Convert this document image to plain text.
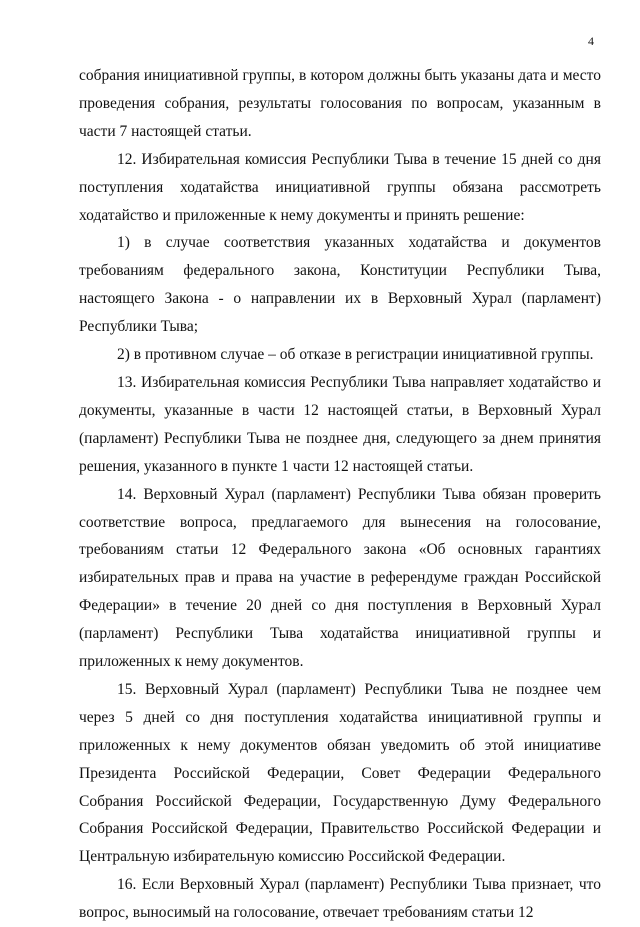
4

собрания инициативной группы, в котором должны быть указаны дата и место проведения собрания, результаты голосования по вопросам, указанным в части 7 настоящей статьи.

12. Избирательная комиссия Республики Тыва в течение 15 дней со дня поступления ходатайства инициативной группы обязана рассмотреть ходатайство и приложенные к нему документы и принять решение:

1) в случае соответствия указанных ходатайства и документов требованиям федерального закона, Конституции Республики Тыва, настоящего Закона - о направлении их в Верховный Хурал (парламент) Республики Тыва;

2) в противном случае – об отказе в регистрации инициативной группы.

13. Избирательная комиссия Республики Тыва направляет ходатайство и документы, указанные в части 12 настоящей статьи, в Верховный Хурал (парламент) Республики Тыва не позднее дня, следующего за днем принятия решения, указанного в пункте 1 части 12 настоящей статьи.

14. Верховный Хурал (парламент) Республики Тыва обязан проверить соответствие вопроса, предлагаемого для вынесения на голосование, требованиям статьи 12 Федерального закона «Об основных гарантиях избирательных прав и права на участие в референдуме граждан Российской Федерации» в течение 20 дней со дня поступления в Верховный Хурал (парламент) Республики Тыва ходатайства инициативной группы и приложенных к нему документов.

15. Верховный Хурал (парламент) Республики Тыва не позднее чем через 5 дней со дня поступления ходатайства инициативной группы и приложенных к нему документов обязан уведомить об этой инициативе Президента Российской Федерации, Совет Федерации Федерального Собрания Российской Федерации, Государственную Думу Федерального Собрания Российской Федерации, Правительство Российской Федерации и Центральную избирательную комиссию Российской Федерации.

16. Если Верховный Хурал (парламент) Республики Тыва признает, что вопрос, выносимый на голосование, отвечает требованиям статьи 12
